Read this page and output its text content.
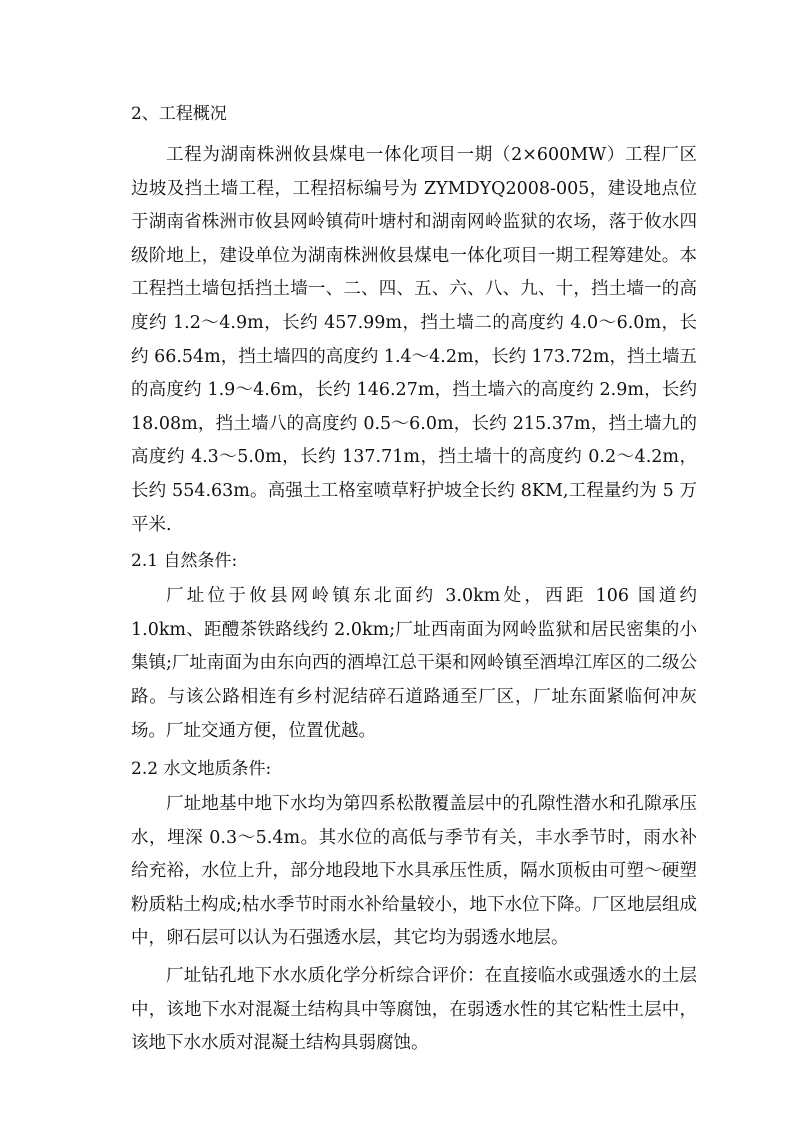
2、工程概况

工程为湖南株洲攸县煤电一体化项目一期（2×600MW）工程厂区边坡及挡土墙工程，工程招标编号为 ZYMDYQ2008-005，建设地点位于湖南省株洲市攸县网岭镇荷叶塘村和湖南网岭监狱的农场，落于攸水四级阶地上，建设单位为湖南株洲攸县煤电一体化项目一期工程筹建处。本工程挡土墙包括挡土墙一、二、四、五、六、八、九、十，挡土墙一的高度约 1.2～4.9m，长约 457.99m，挡土墙二的高度约 4.0～6.0m，长约 66.54m，挡土墙四的高度约 1.4～4.2m，长约 173.72m，挡土墙五的高度约 1.9～4.6m，长约 146.27m，挡土墙六的高度约 2.9m，长约 18.08m，挡土墙八的高度约 0.5～6.0m，长约 215.37m，挡土墙九的高度约 4.3～5.0m，长约 137.71m，挡土墙十的高度约 0.2～4.2m，长约 554.63m。高强土工格室喷草籽护坡全长约 8KM,工程量约为 5 万平米.

2.1 自然条件:

厂址位于攸县网岭镇东北面约 3.0km处，西距 106 国道约 1.0km、距醴茶铁路线约 2.0km;厂址西南面为网岭监狱和居民密集的小集镇;厂址南面为由东向西的酒埠江总干渠和网岭镇至酒埠江库区的二级公路。与该公路相连有乡村泥结碎石道路通至厂区，厂址东面紧临何冲灰场。厂址交通方便，位置优越。

2.2 水文地质条件:

厂址地基中地下水均为第四系松散覆盖层中的孔隙性潜水和孔隙承压水，埋深 0.3～5.4m。其水位的高低与季节有关，丰水季节时，雨水补给充裕，水位上升，部分地段地下水具承压性质，隔水顶板由可塑～硬塑粉质粘土构成;枯水季节时雨水补给量较小，地下水位下降。厂区地层组成中，卵石层可以认为石强透水层，其它均为弱透水地层。

厂址钻孔地下水水质化学分析综合评价：在直接临水或强透水的土层中，该地下水对混凝土结构具中等腐蚀，在弱透水性的其它粘性土层中，该地下水水质对混凝土结构具弱腐蚀。
